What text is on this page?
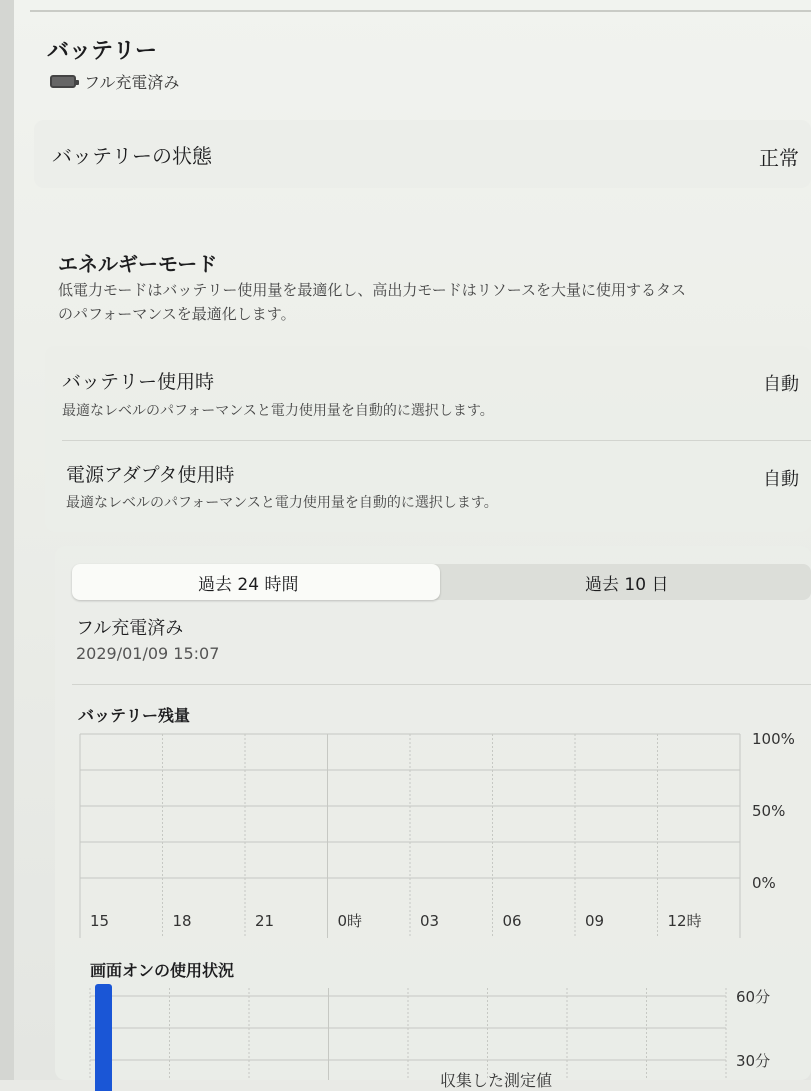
バッテリー
フル充電済み
バッテリーの状態	正常
エネルギーモード
低電力モードはバッテリー使用量を最適化し、高出力モードはリソースを大量に使用するタス
のパフォーマンスを最適化します。
バッテリー使用時
最適なレベルのパフォーマンスと電力使用量を自動的に選択します。
自動
電源アダプタ使用時
最適なレベルのパフォーマンスと電力使用量を自動的に選択します。
自動
過去 24 時間	過去 10 日
フル充電済み
2029/01/09 15:07
バッテリー残量
15	18	21	0時	03	06	09	12時
100%
50%
0%
画面オンの使用状況
60分
30分
収集した測定値
